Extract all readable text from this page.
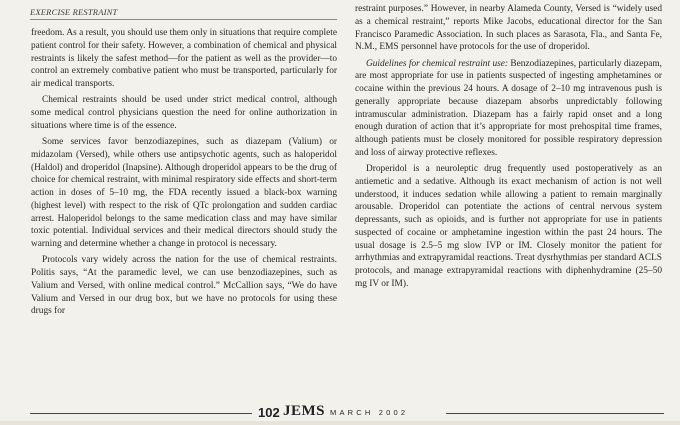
EXERCISE RESTRAINT

freedom. As a result, you should use them only in situations that require complete patient control for their safety. However, a combination of chemical and physical restraints is likely the safest method—for the patient as well as the provider—to control an extremely combative patient who must be transported, particularly for air medical transports.

Chemical restraints should be used under strict medical control, although some medical control physicians question the need for online authorization in situations where time is of the essence.

Some services favor benzodiazepines, such as diazepam (Valium) or midazolam (Versed), while others use antipsychotic agents, such as haloperidol (Haldol) and droperidol (Inapsine). Although droperidol appears to be the drug of choice for chemical restraint, with minimal respiratory side effects and short-term action in doses of 5–10 mg, the FDA recently issued a black-box warning (highest level) with respect to the risk of QTc prolongation and sudden cardiac arrest. Haloperidol belongs to the same medication class and may have similar toxic potential. Individual services and their medical directors should study the warning and determine whether a change in protocol is necessary.

Protocols vary widely across the nation for the use of chemical restraints. Politis says, “At the paramedic level, we can use benzodiazepines, such as Valium and Versed, with online medical control.” McCallion says, “We do have Valium and Versed in our drug box, but we have no protocols for using these drugs for

restraint purposes.” However, in nearby Alameda County, Versed is “widely used as a chemical restraint,” reports Mike Jacobs, educational director for the San Francisco Paramedic Association. In such places as Sarasota, Fla., and Santa Fe, N.M., EMS personnel have protocols for the use of droperidol.

Guidelines for chemical restraint use: Benzodiazepines, particularly diazepam, are most appropriate for use in patients suspected of ingesting amphetamines or cocaine within the previous 24 hours. A dosage of 2–10 mg intravenous push is generally appropriate because diazepam absorbs unpredictably following intramuscular administration. Diazepam has a fairly rapid onset and a long enough duration of action that it’s appropriate for most prehospital time frames, although patients must be closely monitored for possible respiratory depression and loss of airway protective reflexes.

Droperidol is a neuroleptic drug frequently used postoperatively as an antiemetic and a sedative. Although its exact mechanism of action is not well understood, it induces sedation while allowing a patient to remain marginally arousable. Droperidol can potentiate the actions of central nervous system depressants, such as opioids, and is further not appropriate for use in patients suspected of cocaine or amphetamine ingestion within the past 24 hours. The usual dosage is 2.5–5 mg slow IVP or IM. Closely monitor the patient for arrhythmias and extrapyramidal reactions. Treat dysrhythmias per standard ACLS protocols, and manage extrapyramidal reactions with diphenhydramine (25–50 mg IV or IM).

102 JEMS MARCH 2002
